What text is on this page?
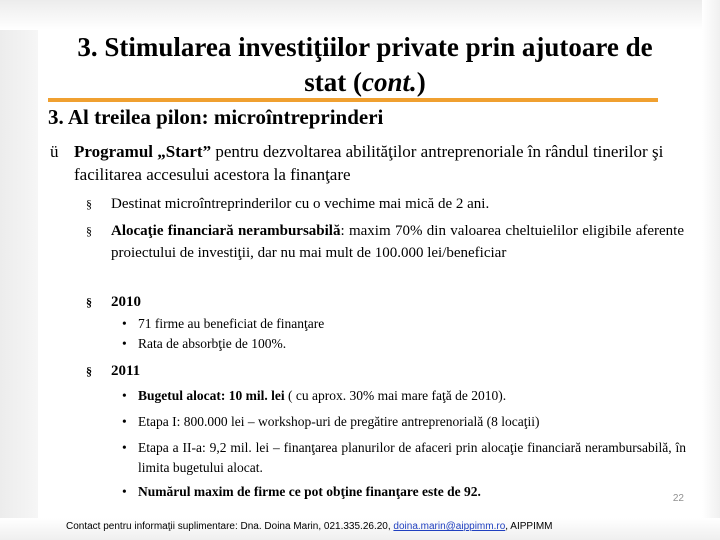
3. Stimularea investiţiilor private prin ajutoare de
stat (cont.)
3. Al treilea pilon: microîntreprinderi
ü Programul „Start” pentru dezvoltarea abilităţilor antreprenoriale în rândul tinerilor şi facilitarea accesului acestora la finanţare
§	Destinat microîntreprinderilor cu o vechime mai mică de 2 ani.
§	Alocaţie financiară nerambursabilă: maxim 70% din valoarea cheltuielilor eligibile aferente proiectului de investiţii, dar nu mai mult de 100.000 lei/beneficiar
§	2010
• 71 firme au beneficiat de finanţare
• Rata de absorbţie de 100%.
§	2011
• Bugetul alocat: 10 mil. lei ( cu aprox. 30% mai mare faţă de 2010).
• Etapa I: 800.000 lei – workshop-uri de pregătire antreprenorială (8 locaţii)
• Etapa a II-a: 9,2 mil. lei – finanţarea planurilor de afaceri prin alocaţie financiară nerambursabilă, în limita bugetului alocat.
• Numărul maxim de firme ce pot obţine finanţare este de 92.	22
Contact pentru informaţii suplimentare: Dna. Doina Marin, 021.335.26.20, doina.marin@aippimm.ro, AIPPIMM
